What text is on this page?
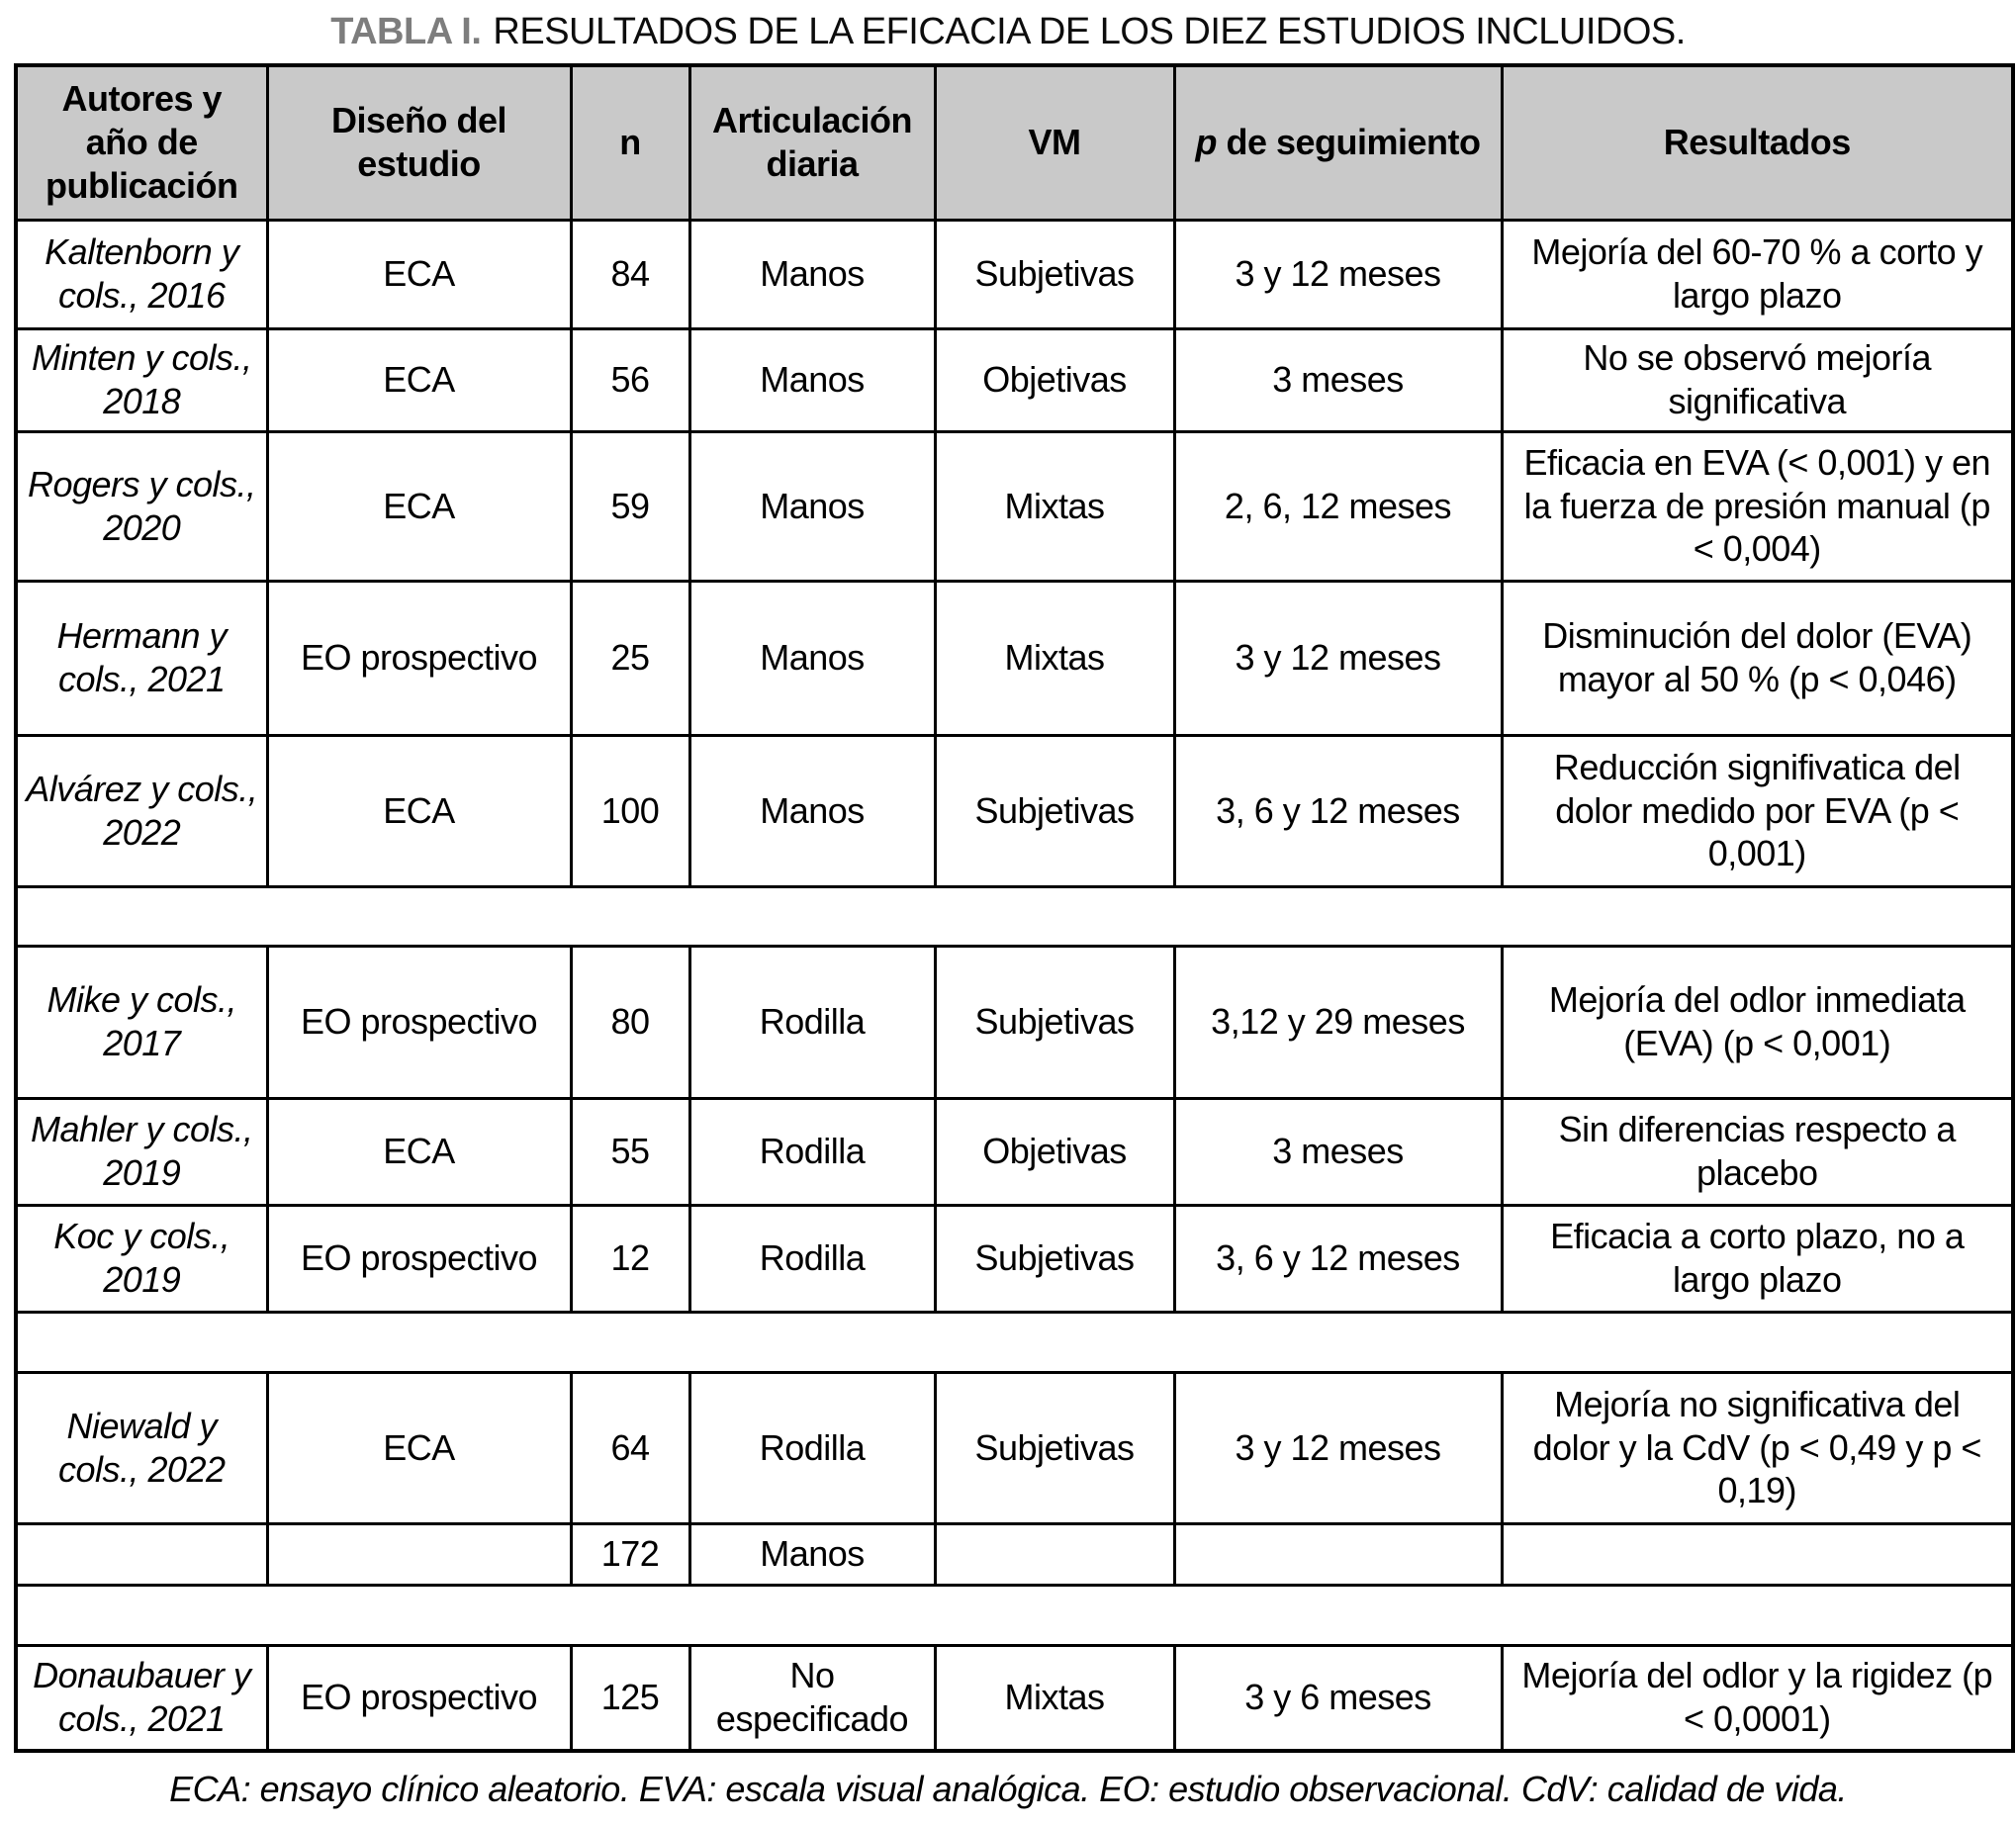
TABLA I. RESULTADOS DE LA EFICACIA DE LOS DIEZ ESTUDIOS INCLUIDOS.
Autores y año de publicación	Diseño del estudio	n	Articulación diaria	VM	p de seguimiento	Resultados
Kaltenborn y cols., 2016	ECA	84	Manos	Subjetivas	3 y 12 meses	Mejoría del 60-70 % a corto y largo plazo
Minten y cols., 2018	ECA	56	Manos	Objetivas	3 meses	No se observó mejoría significativa
Rogers y cols., 2020	ECA	59	Manos	Mixtas	2, 6, 12 meses	Eficacia en EVA (< 0,001) y en la fuerza de presión manual (p < 0,004)
Hermann y cols., 2021	EO prospectivo	25	Manos	Mixtas	3 y 12 meses	Disminución del dolor (EVA) mayor al 50 % (p < 0,046)
Alvárez y cols., 2022	ECA	100	Manos	Subjetivas	3, 6 y 12 meses	Reducción signifivatica del dolor medido por EVA (p < 0,001)

Mike y cols., 2017	EO prospectivo	80	Rodilla	Subjetivas	3,12 y 29 meses	Mejoría del odlor inmediata (EVA) (p < 0,001)
Mahler y cols., 2019	ECA	55	Rodilla	Objetivas	3 meses	Sin diferencias respecto a placebo
Koc y cols., 2019	EO prospectivo	12	Rodilla	Subjetivas	3, 6 y 12 meses	Eficacia a corto plazo, no a largo plazo

Niewald y cols., 2022	ECA	64	Rodilla	Subjetivas	3 y 12 meses	Mejoría no significativa del dolor y la CdV (p < 0,49 y p < 0,19)
		172	Manos			

Donaubauer y cols., 2021	EO prospectivo	125	No especificado	Mixtas	3 y 6 meses	Mejoría del odlor y la rigidez (p < 0,0001)
ECA: ensayo clínico aleatorio. EVA: escala visual analógica. EO: estudio observacional. CdV: calidad de vida.
